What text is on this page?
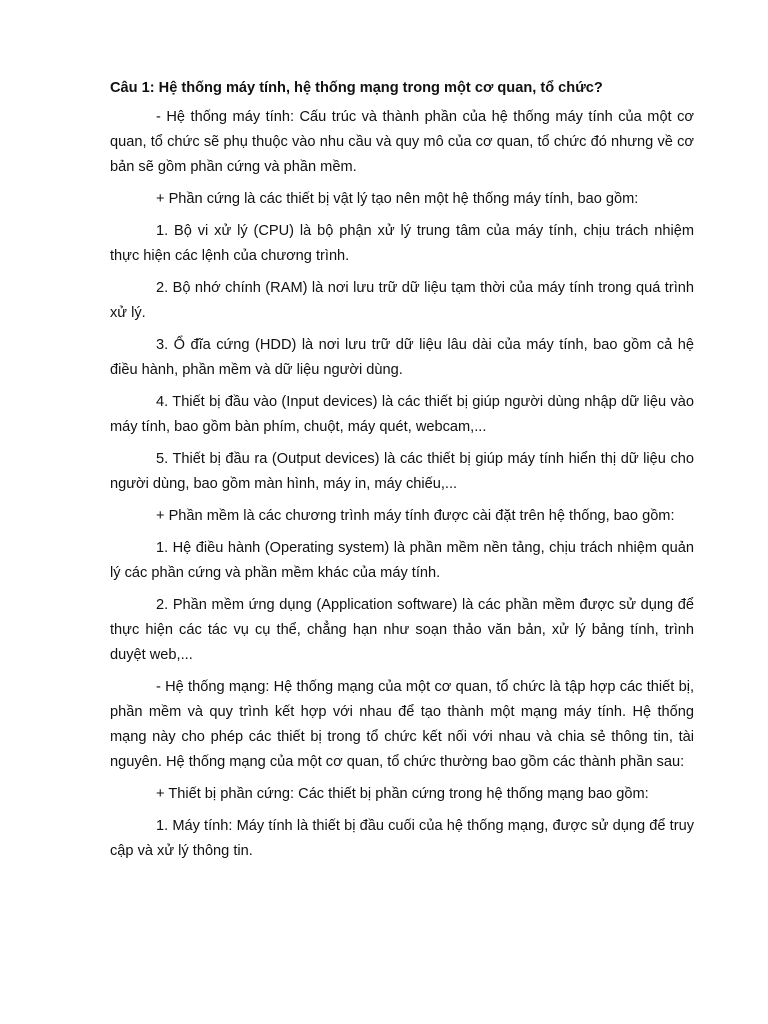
Câu 1: Hệ thống máy tính, hệ thống mạng trong một cơ quan, tổ chức?

- Hệ thống máy tính: Cấu trúc và thành phần của hệ thống máy tính của một cơ quan, tổ chức sẽ phụ thuộc vào nhu cầu và quy mô của cơ quan, tổ chức đó nhưng về cơ bản sẽ gồm phần cứng và phần mềm.

+ Phần cứng là các thiết bị vật lý tạo nên một hệ thống máy tính, bao gồm:

1. Bộ vi xử lý (CPU) là bộ phận xử lý trung tâm của máy tính, chịu trách nhiệm thực hiện các lệnh của chương trình.

2. Bộ nhớ chính (RAM) là nơi lưu trữ dữ liệu tạm thời của máy tính trong quá trình xử lý.

3. Ổ đĩa cứng (HDD) là nơi lưu trữ dữ liệu lâu dài của máy tính, bao gồm cả hệ điều hành, phần mềm và dữ liệu người dùng.

4. Thiết bị đầu vào (Input devices) là các thiết bị giúp người dùng nhập dữ liệu vào máy tính, bao gồm bàn phím, chuột, máy quét, webcam,...

5. Thiết bị đầu ra (Output devices) là các thiết bị giúp máy tính hiển thị dữ liệu cho người dùng, bao gồm màn hình, máy in, máy chiếu,...

+ Phần mềm là các chương trình máy tính được cài đặt trên hệ thống, bao gồm:

1. Hệ điều hành (Operating system) là phần mềm nền tảng, chịu trách nhiệm quản lý các phần cứng và phần mềm khác của máy tính.

2. Phần mềm ứng dụng (Application software) là các phần mềm được sử dụng để thực hiện các tác vụ cụ thể, chẳng hạn như soạn thảo văn bản, xử lý bảng tính, trình duyệt web,...

- Hệ thống mạng: Hệ thống mạng của một cơ quan, tổ chức là tập hợp các thiết bị, phần mềm và quy trình kết hợp với nhau để tạo thành một mạng máy tính. Hệ thống mạng này cho phép các thiết bị trong tổ chức kết nối với nhau và chia sẻ thông tin, tài nguyên. Hệ thống mạng của một cơ quan, tổ chức thường bao gồm các thành phần sau:

+ Thiết bị phần cứng: Các thiết bị phần cứng trong hệ thống mạng bao gồm:

1. Máy tính: Máy tính là thiết bị đầu cuối của hệ thống mạng, được sử dụng để truy cập và xử lý thông tin.
